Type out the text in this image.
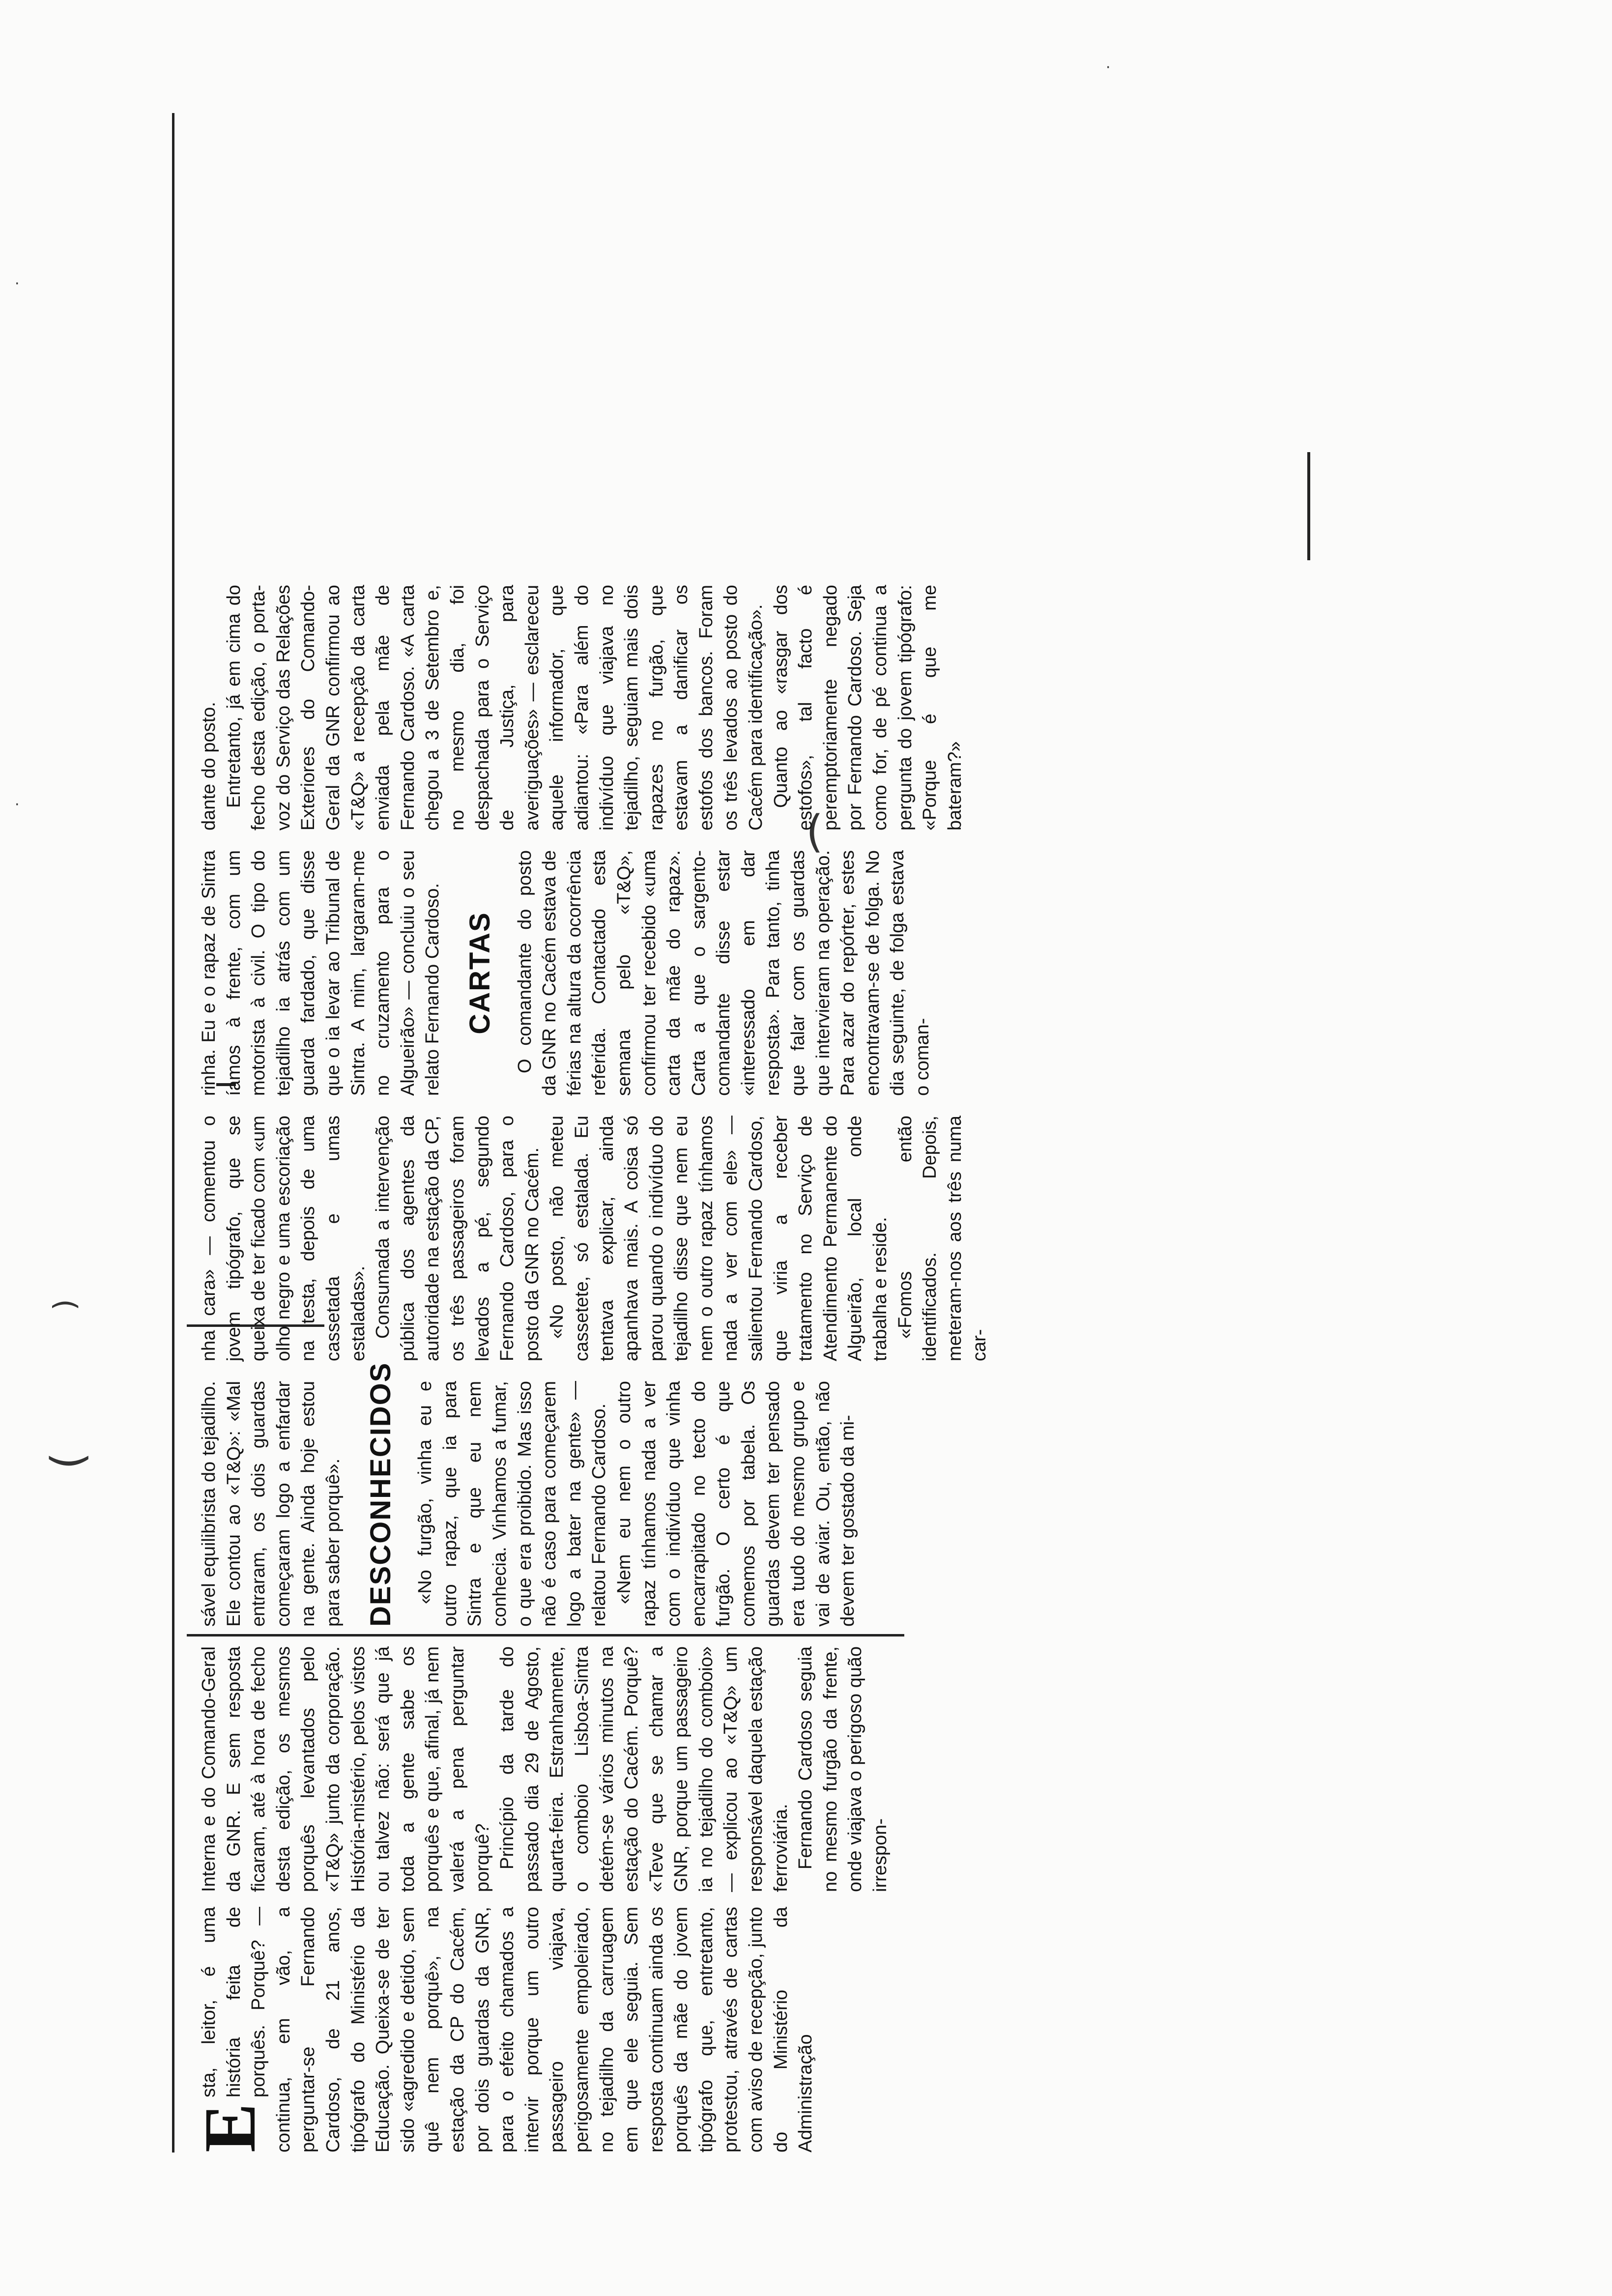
(
(
)
·
·
·

E
sta, leitor, é uma história feita de porquês. Porquê? — continua, em vão, a perguntar-se Fernando Cardoso, de 21 anos, tipógrafo do Ministério da Educação. Queixa-se de ter sido «agredido e detido, sem quê nem porquê», na estação da CP do Cacém, por dois guardas da GNR, para o efeito chamados a intervir porque um outro passageiro viajava, perigosamente empoleirado, no tejadilho da carruagem em que ele seguia. Sem resposta continuam ainda os porquês da mãe do jovem tipógrafo que, entretanto, protestou, através de cartas com aviso de recepção, junto do Ministério da Administração

Interna e do Comando-Geral da GNR. E sem resposta ficaram, até à hora de fecho desta edição, os mesmos porquês levantados pelo «T&Q» junto da corporação. História-mistério, pelos vistos ou talvez não: será que já toda a gente sabe os porquês e que, afinal, já nem valerá a pena perguntar porquê? Princípio da tarde do passado dia 29 de Agosto, quarta-feira. Estranhamente, o comboio Lisboa-Sintra detém-se vários minutos na estação do Cacém. Porquê? «Teve que se chamar a GNR, porque um passageiro ia no tejadilho do comboio» — explicou ao «T&Q» um responsável daquela estação ferroviária. Fernando Cardoso seguia no mesmo furgão da frente, onde viajava o perigoso quão irrespon-

sável equilibrista do tejadilho. Ele contou ao «T&Q»: «Mal entraram, os dois guardas começaram logo a enfardar na gente. Ainda hoje estou para saber porquê». DESCONHECIDOS «No furgão, vinha eu e outro rapaz, que ia para Sintra e que eu nem conhecia. Vinhamos a fumar, o que era proibido. Mas isso não é caso para começarem logo a bater na gente» — relatou Fernando Cardoso. «Nem eu nem o outro rapaz tínhamos nada a ver com o indivíduo que vinha encarrapitado no tecto do furgão. O certo é que comemos por tabela. Os guardas devem ter pensado era tudo do mesmo grupo e vai de aviar. Ou, então, não devem ter gostado da mi-

nha cara» — comentou o jovem tipógrafo, que se queixa de ter ficado com «um olho negro e uma escoriação na testa, depois de uma cassetada e umas estaladas». Consumada a intervenção pública dos agentes da autoridade na estação da CP, os três passageiros foram levados a pé, segundo Fernando Cardoso, para o posto da GNR no Cacém. «No posto, não meteu cassetete, só estalada. Eu tentava explicar, ainda apanhava mais. A coisa só parou quando o indivíduo do tejadilho disse que nem eu nem o outro rapaz tínhamos nada a ver com ele» — salientou Fernando Cardoso, que viria a receber tratamento no Serviço de Atendimento Permanente do Algueirão, local onde trabalha e reside. «Fomos então identificados. Depois, meteram-nos aos três numa car-

rinha. Eu e o rapaz de Sintra íamos à frente, com um motorista à civil. O tipo do tejadilho ia atrás com um guarda fardado, que disse que o ia levar ao Tribunal de Sintra. A mim, largaram-me no cruzamento para o Algueirão» — concluiu o seu relato Fernando Cardoso. CARTAS O comandante do posto da GNR no Cacém estava de férias na altura da ocorrência referida. Contactado esta semana pelo «T&Q», confirmou ter recebido «uma carta da mãe do rapaz». Carta a que o sargento-comandante disse estar «interessado em dar resposta». Para tanto, tinha que falar com os guardas que intervieram na operação. Para azar do repórter, estes encontravam-se de folga. No dia seguinte, de folga estava o coman-

dante do posto. Entretanto, já em cima do fecho desta edição, o porta-voz do Serviço das Relações Exteriores do Comando-Geral da GNR confirmou ao «T&Q» a recepção da carta enviada pela mãe de Fernando Cardoso. «A carta chegou a 3 de Setembro e, no mesmo dia, foi despachada para o Serviço de Justiça, para averiguações» — esclareceu aquele informador, que adiantou: «Para além do indivíduo que viajava no tejadilho, seguiam mais dois rapazes no furgão, que estavam a danificar os estofos dos bancos. Foram os três levados ao posto do Cacém para identificação». Quanto ao «rasgar dos estofos», tal facto é peremptoriamente negado por Fernando Cardoso. Seja como for, de pé continua a pergunta do jovem tipógrafo: «Porque é que me bateram?»
